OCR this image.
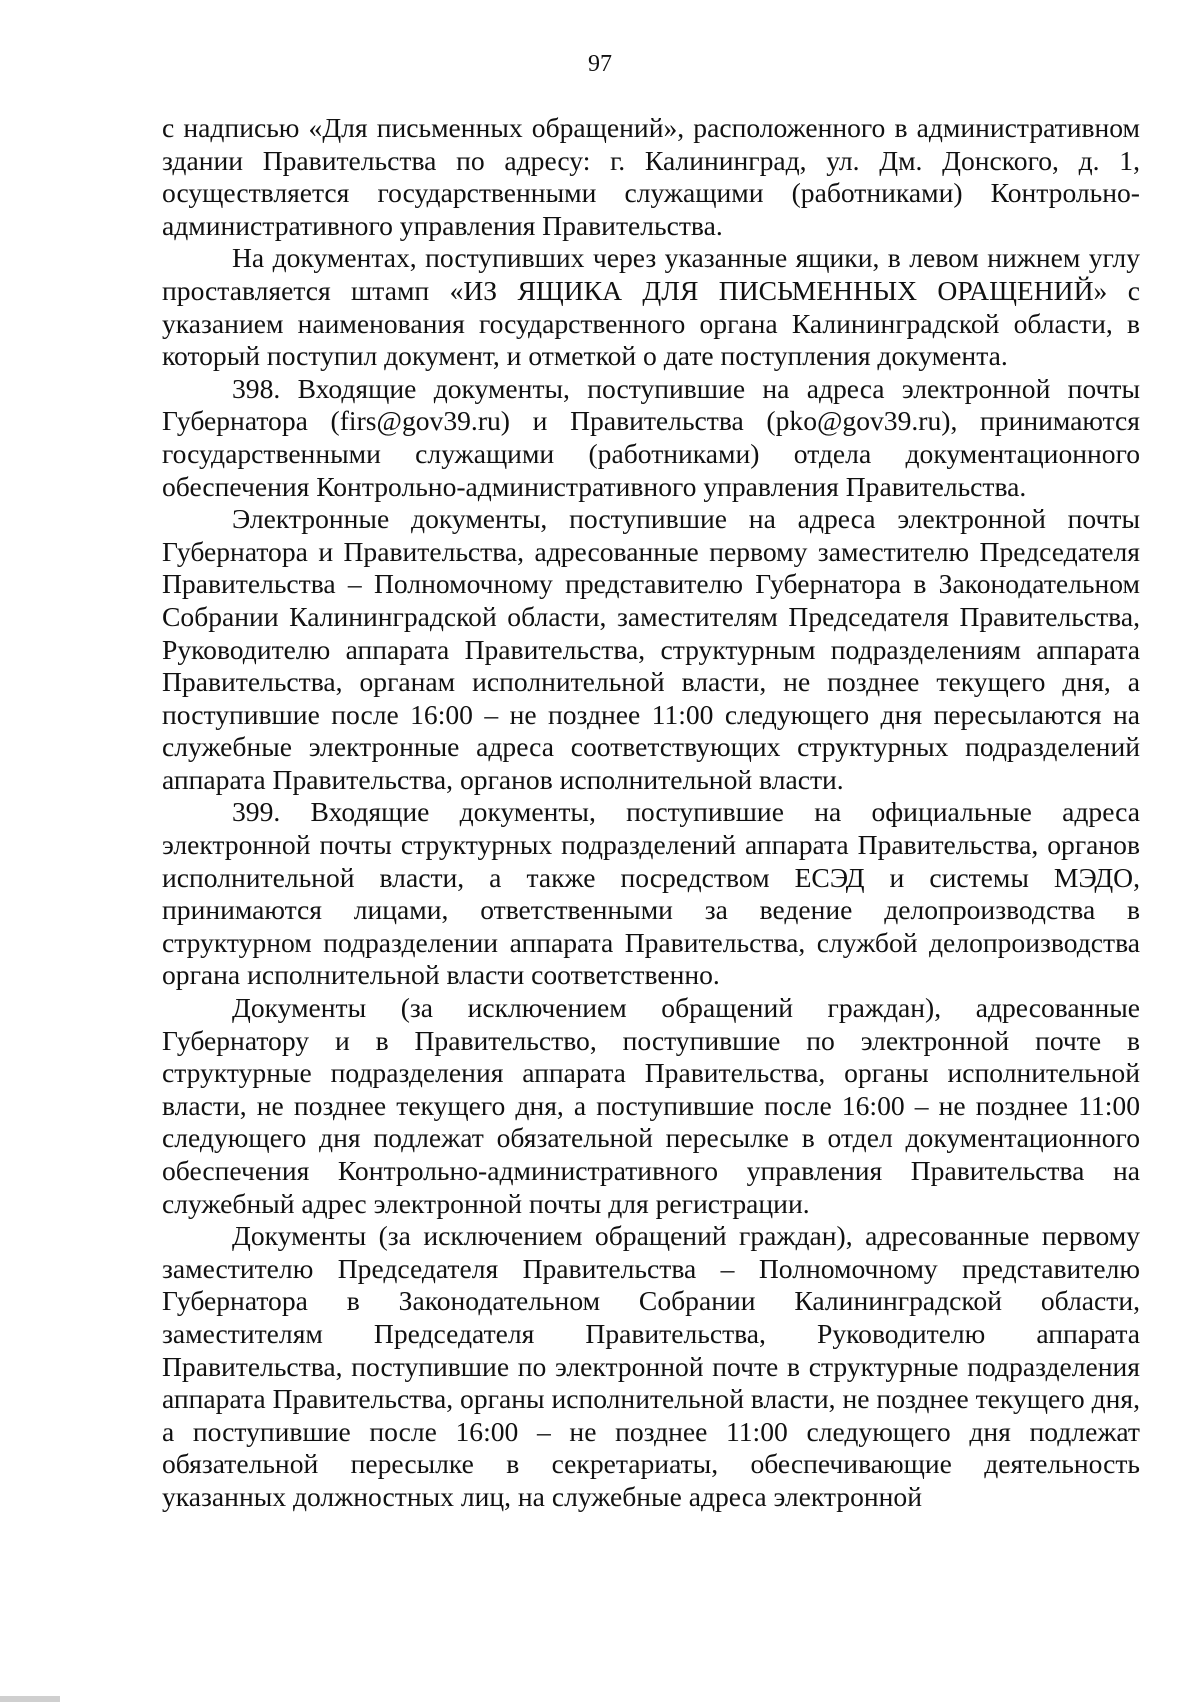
97

с надписью «Для письменных обращений», расположенного в административном здании Правительства по адресу: г. Калининград, ул. Дм. Донского, д. 1, осуществляется государственными служащими (работниками) Контрольно-административного управления Правительства.

На документах, поступивших через указанные ящики, в левом нижнем углу проставляется штамп «ИЗ ЯЩИКА ДЛЯ ПИСЬМЕННЫХ ОРАЩЕНИЙ» с указанием наименования государственного органа Калининградской области, в который поступил документ, и отметкой о дате поступления документа.

398. Входящие документы, поступившие на адреса электронной почты Губернатора (firs@gov39.ru) и Правительства (pko@gov39.ru), принимаются государственными служащими (работниками) отдела документационного обеспечения Контрольно-административного управления Правительства.

Электронные документы, поступившие на адреса электронной почты Губернатора и Правительства, адресованные первому заместителю Председателя Правительства – Полномочному представителю Губернатора в Законодательном Собрании Калининградской области, заместителям Председателя Правительства, Руководителю аппарата Правительства, структурным подразделениям аппарата Правительства, органам исполнительной власти, не позднее текущего дня, а поступившие после 16:00 – не позднее 11:00 следующего дня пересылаются на служебные электронные адреса соответствующих структурных подразделений аппарата Правительства, органов исполнительной власти.

399. Входящие документы, поступившие на официальные адреса электронной почты структурных подразделений аппарата Правительства, органов исполнительной власти, а также посредством ЕСЭД и системы МЭДО, принимаются лицами, ответственными за ведение делопроизводства в структурном подразделении аппарата Правительства, службой делопроизводства органа исполнительной власти соответственно.

Документы (за исключением обращений граждан), адресованные Губернатору и в Правительство, поступившие по электронной почте в структурные подразделения аппарата Правительства, органы исполнительной власти, не позднее текущего дня, а поступившие после 16:00 – не позднее 11:00 следующего дня подлежат обязательной пересылке в отдел документационного обеспечения Контрольно-административного управления Правительства на служебный адрес электронной почты для регистрации.

Документы (за исключением обращений граждан), адресованные первому заместителю Председателя Правительства – Полномочному представителю Губернатора в Законодательном Собрании Калининградской области, заместителям Председателя Правительства, Руководителю аппарата Правительства, поступившие по электронной почте в структурные подразделения аппарата Правительства, органы исполнительной власти, не позднее текущего дня, а поступившие после 16:00 – не позднее 11:00 следующего дня подлежат обязательной пересылке в секретариаты, обеспечивающие деятельность указанных должностных лиц, на служебные адреса электронной
